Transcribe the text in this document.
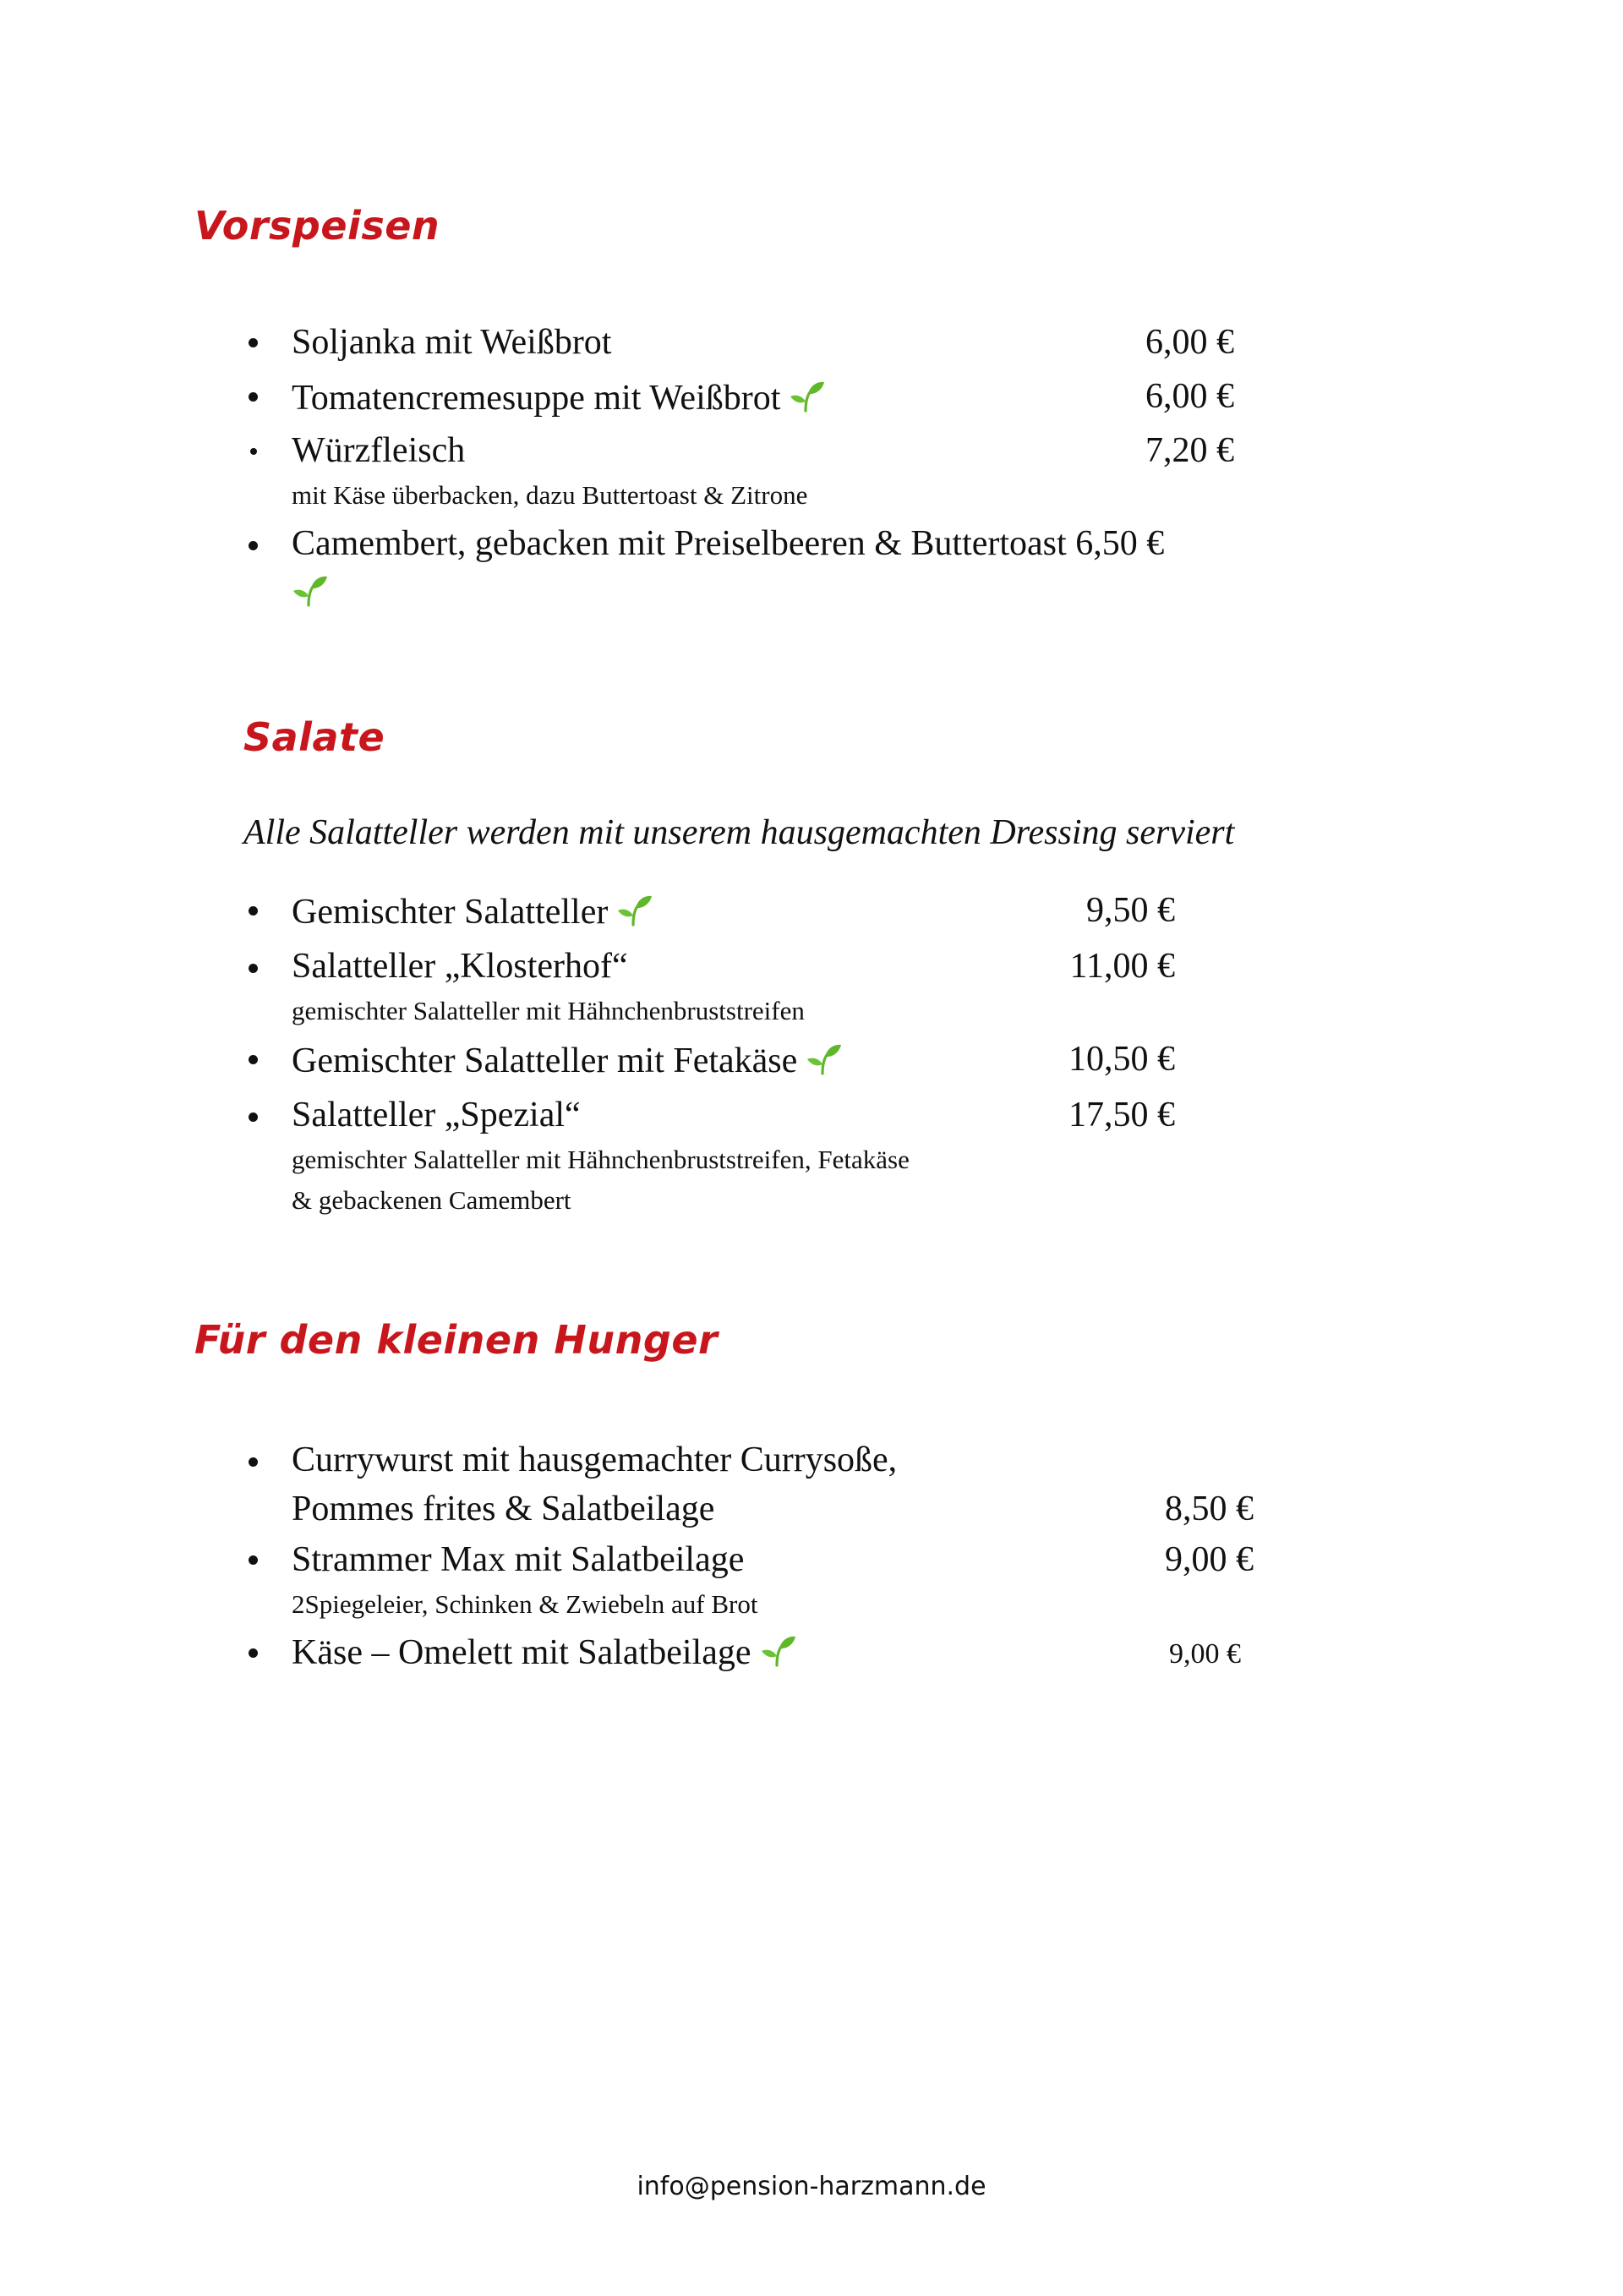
Vorspeisen
Soljanka mit Weißbrot	6,00 €
Tomatencremesuppe mit Weißbrot	6,00 €
Würzfleisch	7,20 €
mit Käse überbacken, dazu Buttertoast & Zitrone
Camembert, gebacken mit Preiselbeeren & Buttertoast 6,50 €
Salate
Alle Salatteller werden mit unserem hausgemachten Dressing serviert
Gemischter Salatteller	9,50 €
Salatteller „Klosterhof“	11,00 €
gemischter Salatteller mit Hähnchenbruststreifen
Gemischter Salatteller mit Fetakäse	10,50 €
Salatteller „Spezial“	17,50 €
gemischter Salatteller mit Hähnchenbruststreifen, Fetakäse
& gebackenen Camembert
Für den kleinen Hunger
Currywurst mit hausgemachter Currysoße,
Pommes frites & Salatbeilage	8,50 €
Strammer Max mit Salatbeilage	9,00 €
2Spiegeleier, Schinken & Zwiebeln auf Brot
Käse – Omelett mit Salatbeilage	9,00 €
info@pension-harzmann.de
